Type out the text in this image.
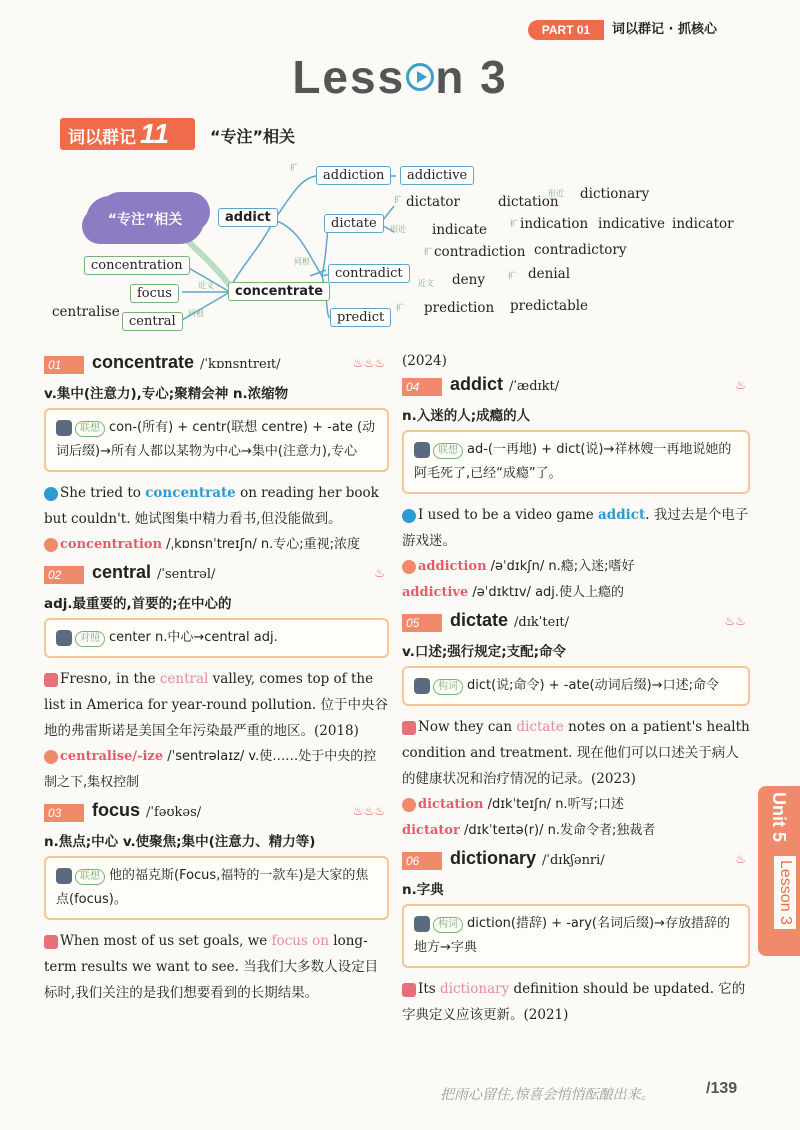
PART 01	词以群记 · 抓核心
Less n 3
词以群记 11	“专注”相关
“专注”相关	addict
addiction	addictive
扩
dictate
dictator	dictation dictionary
形近
扩
形近 indicate	扩 indication indicative indicator
同根
contradict
扩 contradiction contradictory
近义 deny	扩 denial
predict
扩 prediction predictable
concentrate
concentration
focus
central
centralise
近义
同根
01	concentrate /ˈkɒnsntreɪt/	♨♨♨
v.集中(注意力),专心;聚精会神 n.浓缩物
联想 con-(所有) + centr(联想 centre) + -ate (动词后缀)→所有人都以某物为中心→集中(注意力),专心
She tried to concentrate on reading her book but couldn't. 她试图集中精力看书,但没能做到。
concentration /ˌkɒnsnˈtreɪʃn/ n.专心;重视;浓度
02	central /ˈsentrəl/	♨
adj.最重要的,首要的;在中心的
对照 center n.中心→central adj.
Fresno, in the central valley, comes top of the list in America for year-round pollution. 位于中央谷地的弗雷斯诺是美国全年污染最严重的地区。(2018)
centralise/-ize /ˈsentrəlaɪz/ v.使……处于中央的控制之下,集权控制
03	focus /ˈfəʊkəs/	♨♨♨
n.焦点;中心 v.使聚焦;集中(注意力、精力等)
联想 他的福克斯(Focus,福特的一款车)是大家的焦点(focus)。
When most of us set goals, we focus on long-term results we want to see. 当我们大多数人设定目标时,我们关注的是我们想要看到的长期结果。
(2024)
04	addict /ˈædɪkt/	♨
n.入迷的人;成瘾的人
联想 ad-(一再地) + dict(说)→祥林嫂一再地说她的阿毛死了,已经“成瘾”了。
I used to be a video game addict. 我过去是个电子游戏迷。
addiction /əˈdɪkʃn/ n.瘾;入迷;嗜好
addictive /əˈdɪktɪv/ adj.使人上瘾的
05	dictate /dɪkˈteɪt/	♨♨
v.口述;强行规定;支配;命令
构词 dict(说;命令) + -ate(动词后缀)→口述;命令
Now they can dictate notes on a patient's health condition and treatment. 现在他们可以口述关于病人的健康状况和治疗情况的记录。(2023)
dictation /dɪkˈteɪʃn/ n.听写;口述
dictator /dɪkˈteɪtə(r)/ n.发命令者;独裁者
06	dictionary /ˈdɪkʃənri/	♨
n.字典
构词 diction(措辞) + -ary(名词后缀)→存放措辞的地方→字典
Its dictionary definition should be updated. 它的字典定义应该更新。(2021)
Unit 5
Lesson 3
把雨心留住,惊喜会悄悄酝酿出来。	/139
